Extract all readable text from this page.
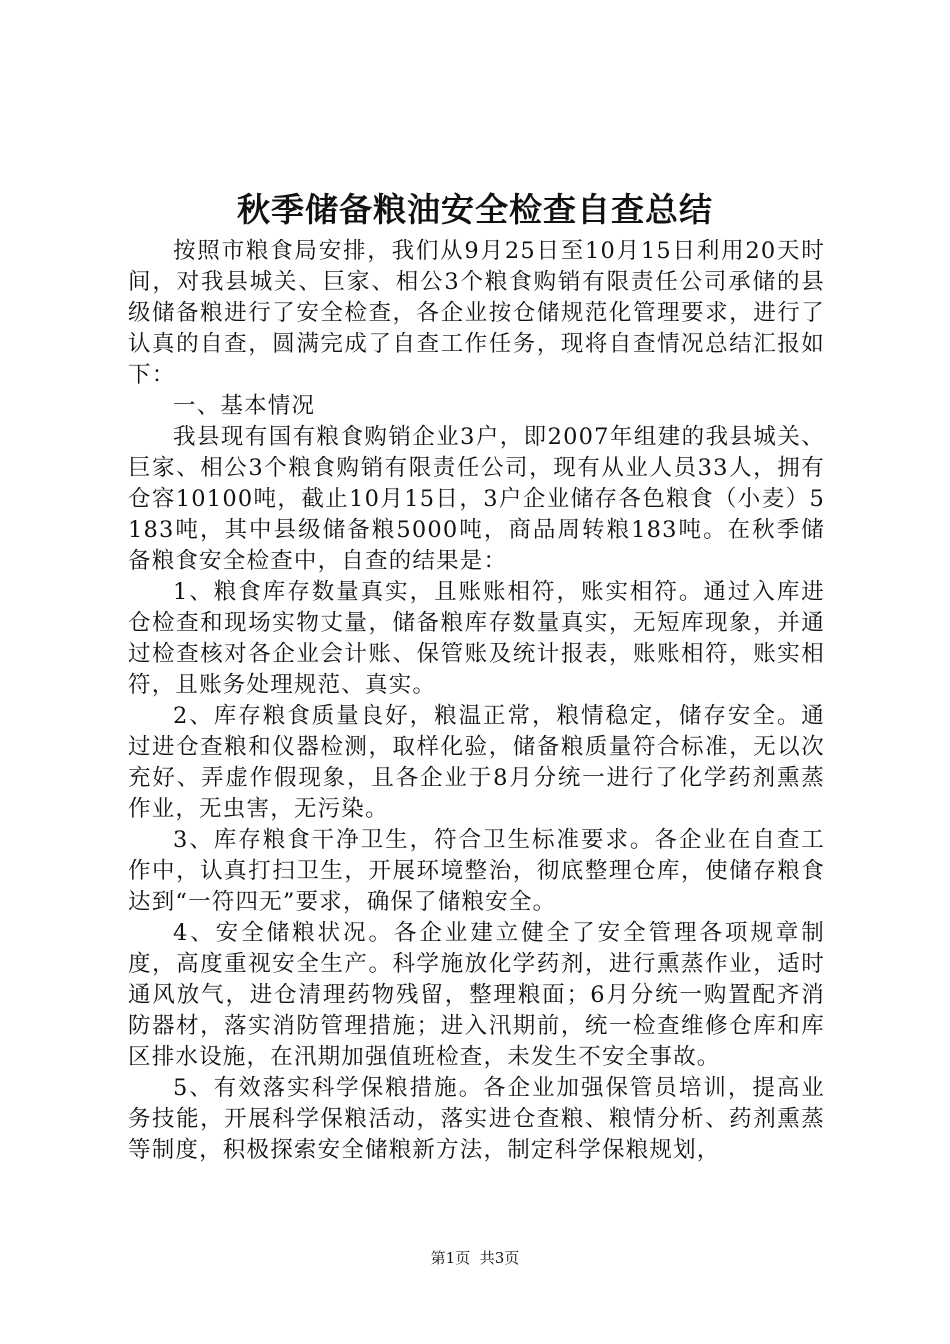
秋季储备粮油安全检查自查总结

按照市粮食局安排，我们从9月25日至10月15日利用20天时间，对我县城关、巨家、相公3个粮食购销有限责任公司承储的县级储备粮进行了安全检查，各企业按仓储规范化管理要求，进行了认真的自查，圆满完成了自查工作任务，现将自查情况总结汇报如下：

一、基本情况

我县现有国有粮食购销企业3户，即2007年组建的我县城关、巨家、相公3个粮食购销有限责任公司，现有从业人员33人，拥有仓容10100吨，截止10月15日，3户企业储存各色粮食（小麦）5183吨，其中县级储备粮5000吨，商品周转粮183吨。在秋季储备粮食安全检查中，自查的结果是：

1、粮食库存数量真实，且账账相符，账实相符。通过入库进仓检查和现场实物丈量，储备粮库存数量真实，无短库现象，并通过检查核对各企业会计账、保管账及统计报表，账账相符，账实相符，且账务处理规范、真实。

2、库存粮食质量良好，粮温正常，粮情稳定，储存安全。通过进仓查粮和仪器检测，取样化验，储备粮质量符合标准，无以次充好、弄虚作假现象，且各企业于8月分统一进行了化学药剂熏蒸作业，无虫害，无污染。

3、库存粮食干净卫生，符合卫生标准要求。各企业在自查工作中，认真打扫卫生，开展环境整治，彻底整理仓库，使储存粮食达到“一符四无”要求，确保了储粮安全。

4、安全储粮状况。各企业建立健全了安全管理各项规章制度，高度重视安全生产。科学施放化学药剂，进行熏蒸作业，适时通风放气，进仓清理药物残留，整理粮面；6月分统一购置配齐消防器材，落实消防管理措施；进入汛期前，统一检查维修仓库和库区排水设施，在汛期加强值班检查，未发生不安全事故。

5、有效落实科学保粮措施。各企业加强保管员培训，提高业务技能，开展科学保粮活动，落实进仓查粮、粮情分析、药剂熏蒸等制度，积极探索安全储粮新方法，制定科学保粮规划，

第1页 共3页
